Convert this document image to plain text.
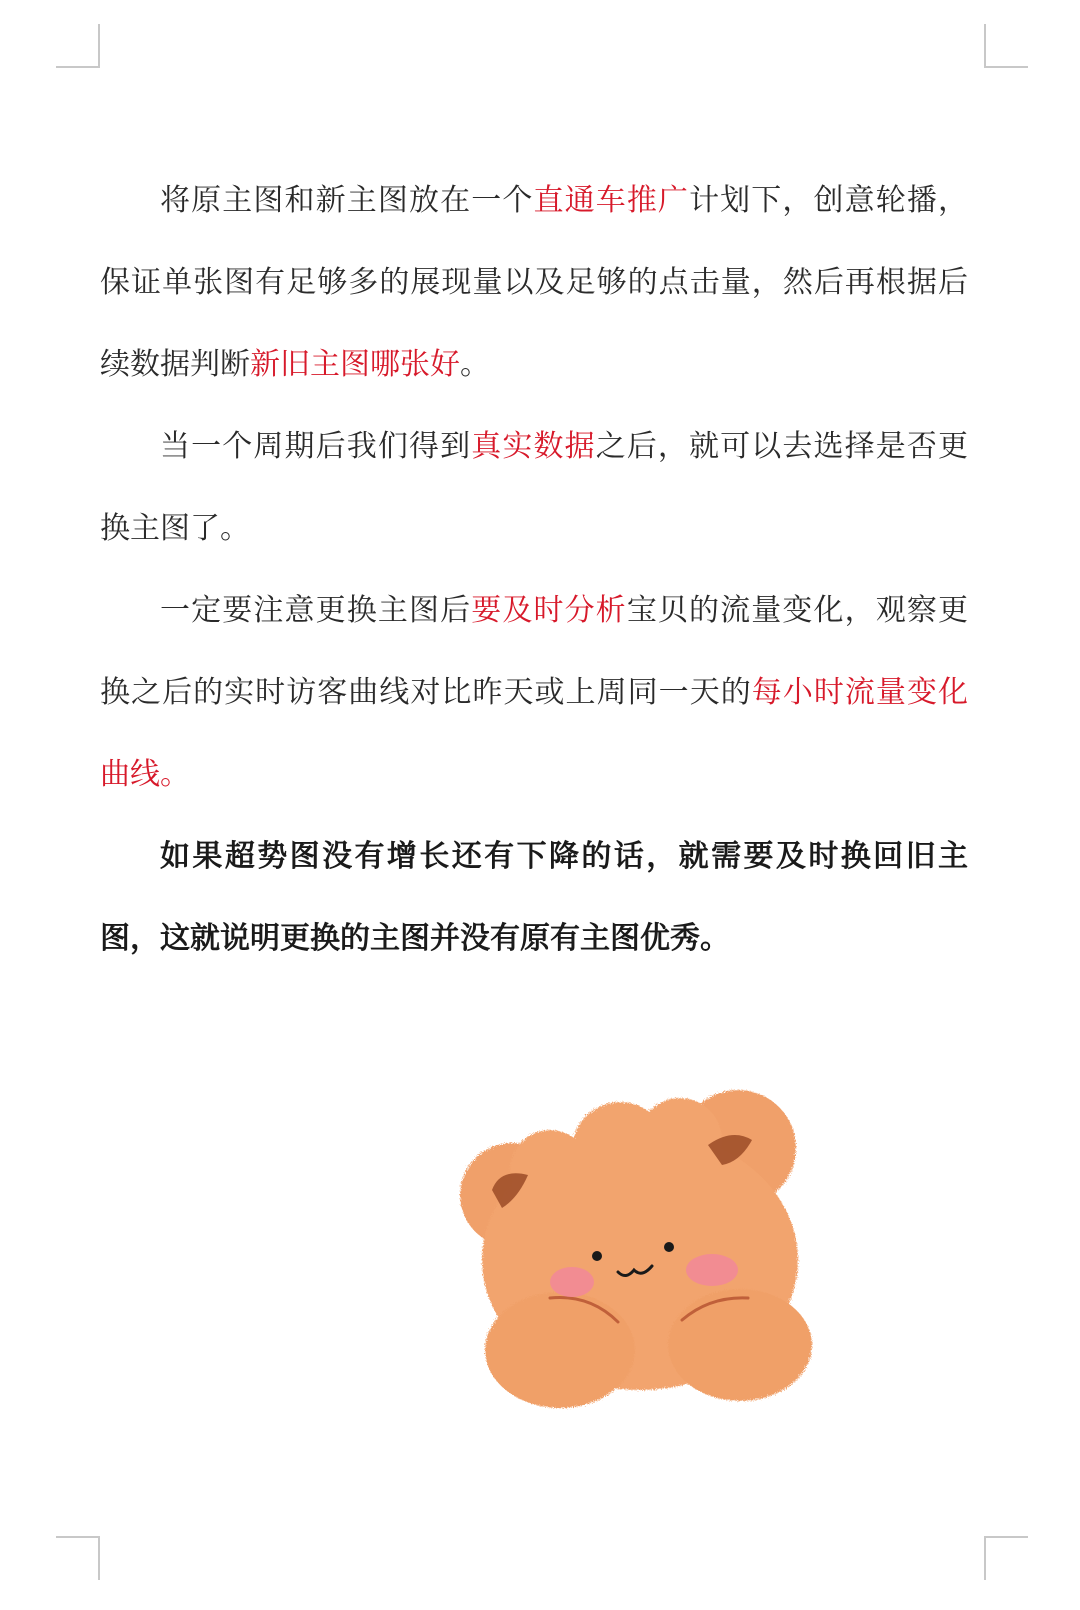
将原主图和新主图放在一个直通车推广计划下，创意轮播，保证单张图有足够多的展现量以及足够的点击量，然后再根据后续数据判断新旧主图哪张好。

当一个周期后我们得到真实数据之后，就可以去选择是否更换主图了。

一定要注意更换主图后要及时分析宝贝的流量变化，观察更换之后的实时访客曲线对比昨天或上周同一天的每小时流量变化曲线。

如果超势图没有增长还有下降的话，就需要及时换回旧主图，这就说明更换的主图并没有原有主图优秀。
